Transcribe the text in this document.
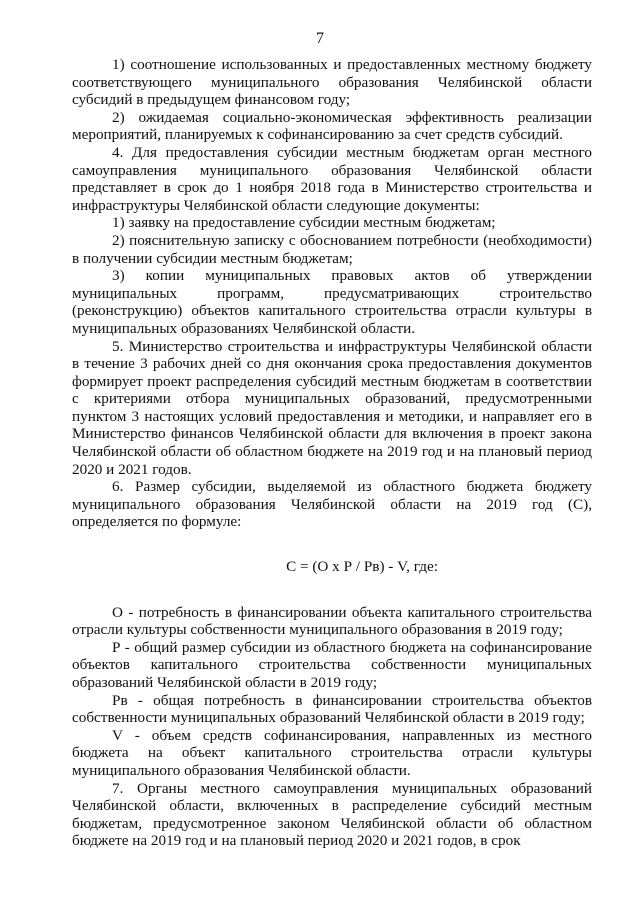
7

1) соотношение использованных и предоставленных местному бюджету соответствующего муниципального образования Челябинской области субсидий в предыдущем финансовом году;

2) ожидаемая социально-экономическая эффективность реализации мероприятий, планируемых к софинансированию за счет средств субсидий.

4. Для предоставления субсидии местным бюджетам орган местного самоуправления муниципального образования Челябинской области представляет в срок до 1 ноября 2018 года в Министерство строительства и инфраструктуры Челябинской области следующие документы:

1) заявку на предоставление субсидии местным бюджетам;

2) пояснительную записку с обоснованием потребности (необходимости) в получении субсидии местным бюджетам;

3) копии муниципальных правовых актов об утверждении муниципальных программ, предусматривающих строительство (реконструкцию) объектов капитального строительства отрасли культуры в муниципальных образованиях Челябинской области.

5. Министерство строительства и инфраструктуры Челябинской области в течение 3 рабочих дней со дня окончания срока предоставления документов формирует проект распределения субсидий местным бюджетам в соответствии с критериями отбора муниципальных образований, предусмотренными пунктом 3 настоящих условий предоставления и методики, и направляет его в Министерство финансов Челябинской области для включения в проект закона Челябинской области об областном бюджете на 2019 год и на плановый период 2020 и 2021 годов.

6. Размер субсидии, выделяемой из областного бюджета бюджету муниципального образования Челябинской области на 2019 год (С), определяется по формуле:

С = (О х Р / Рв) - V, где:

О - потребность в финансировании объекта капитального строительства отрасли культуры собственности муниципального образования в 2019 году;

Р - общий размер субсидии из областного бюджета на софинансирование объектов капитального строительства собственности муниципальных образований Челябинской области в 2019 году;

Рв - общая потребность в финансировании строительства объектов собственности муниципальных образований Челябинской области в 2019 году;

V - объем средств софинансирования, направленных из местного бюджета на объект капитального строительства отрасли культуры муниципального образования Челябинской области.

7. Органы местного самоуправления муниципальных образований Челябинской области, включенных в распределение субсидий местным бюджетам, предусмотренное законом Челябинской области об областном бюджете на 2019 год и на плановый период 2020 и 2021 годов, в срок
